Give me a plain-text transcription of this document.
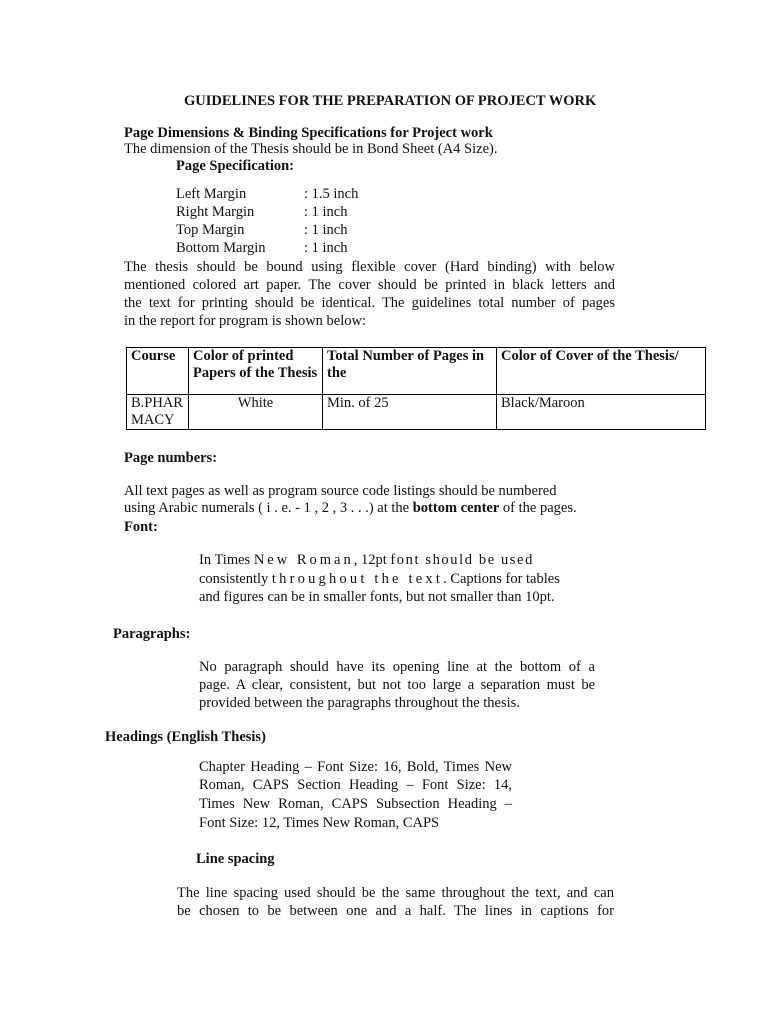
GUIDELINES FOR THE PREPARATION OF PROJECT WORK
Page Dimensions & Binding Specifications for Project work
The dimension of the Thesis should be in Bond Sheet (A4 Size).
Page Specification:
Left Margin	: 1.5 inch
Right Margin	: 1 inch
Top Margin	: 1 inch
Bottom Margin	: 1 inch
The thesis should be bound using flexible cover (Hard binding) with below
mentioned colored art paper. The cover should be printed in black letters and
the text for printing should be identical. The guidelines total number of pages
in the report for program is shown below:
Course	Color of printed Papers of the Thesis	Total Number of Pages in the	Color of Cover of the Thesis/
B.PHARMACY	White	Min. of 25	Black/Maroon
Page numbers:
All text pages as well as program source code listings should be numbered
using Arabic numerals ( i . e. - 1 , 2 , 3 . . .) at the bottom center of the pages.
Font:
In Times New Roman, 12pt font should be used
consistently throughout the text. Captions for tables
and figures can be in smaller fonts, but not smaller than 10pt.
Paragraphs:
No paragraph should have its opening line at the bottom of a
page. A clear, consistent, but not too large a separation must be
provided between the paragraphs throughout the thesis.
Headings (English Thesis)
Chapter Heading – Font Size: 16, Bold, Times New
Roman, CAPS Section Heading – Font Size: 14,
Times New Roman, CAPS Subsection Heading –
Font Size: 12, Times New Roman, CAPS
Line spacing
The line spacing used should be the same throughout the text, and can
be chosen to be between one and a half. The lines in captions for
